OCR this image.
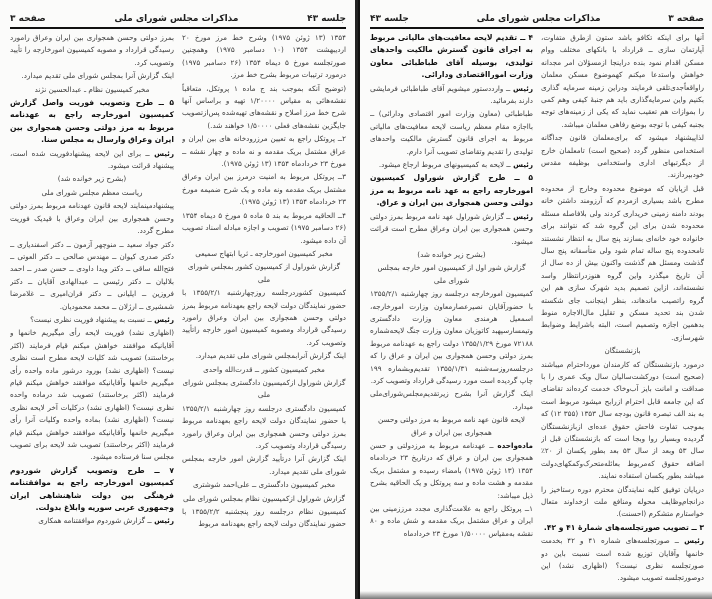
جلسه ۴۳
مذاکرات مجلس شورای ملی
صفحه ۳

۱۳۵۴ (۱۳ ژوئن ۱۹۷۵) وشرح خط مرز مورخ ۲۰ اردیبهشت ۱۳۵۴ (۱۰ دسامبر ۱۹۷۵) وهمچنین صورتجلسه مورخ ۵ دیماه ۱۳۵۴ (۲۶ دسامبر ۱۹۷۵) درمورد ترتیبات مربوط بشرح خط مرز.

(توضیح آنکه بموجب بند ج ماده ۱ پروتکل، متعاقباً نقشه‌هائی به مقیاس ۱/۲۰۰۰۰ تهیه و براساس آنها شرح خط مرز اصلاح و نقشه‌های تهیه‌شده پس‌ازتصویب جایگزین نقشه‌های فعلی ۱/۵۰۰۰۰ خواهند شد.)

۲ــ پروتکل راجع به تعیین مرزرودخانه های بین ایران و عراق مشتمل بریک مقدمه و نه ماده و چهار نقشه ــ مورخ ۲۳ خردادماه ۱۳۵۴ (۱۳ ژوئن ۱۹۷۵).

۳ــ پروتکل مربوط به امنیت درمرز بین ایران وعراق مشتمل بریک مقدمه ونه ماده و یک شرح ضمیمه مورخ ۲۳ خردادماه ۱۳۵۴ (۱۳ ژوئن ۱۹۷۵).

۴ــ الحاقیه مربوط به بند ۵ ماده ۵ مورخ ۵ دیماه ۱۳۵۴ (۲۶ دسامبر ۱۹۷۵) تصویب و اجازه مبادله اسناد تصویب آن داده میشود.

مخبر کمیسیون امورخارجه ـ ثریا ابتهاج سمیعی

گزارش شوراول از کمیسیون کشور بمجلس شورای ملی

کمیسیون کشوردرجلسه روزچهارشنبه ۱۳۵۵/۲/۱ با حضور نمایندگان دولت لایحه راجع بعهدنامه مربوط بمرز دولتی وحسن همجواری بین ایران وعراق رامورد رسیدگی قرارداد ومصوبه کمیسیون امور خارجه راتأیید وتصویب کرد.

اینک گزارش آنرابمجلس شورای ملی تقدیم میدارد.

مخبر کمیسیون کشور ــ قدرت‌الله واحدی

گزارش شوراول ازکمیسیون دادگستری بمجلس شورای ملی

کمیسیون دادگستری درجلسه روز چهارشنبه ۱۳۵۵/۲/۱ با حضور نمایندگان دولت لایحه راجع بعهدنامه مربوط بمرز دولتی وحسن همجواری بین ایران وعراق رامورد رسیدگی قرارداد وتصویب کرد.

اینک گزارش آنرا درتأیید گزارش امور خارجه بمجلس شورای ملی تقدیم میدارد.

مخبر کمیسیون دادگستری ــ علی‌احمد شوشتری

گزارش شوراول ازکمیسیون نظام بمجلس شورای ملی

کمیسیون نظام درجلسه روز پنجشنبه ۱۳۵۵/۲/۲ با حضور نمایندگان دولت لایحه راجع بعهدنامه مربوط

بمرز دولتی وحسن همجواری بین ایران وعراق رامورد رسیدگی قرارداد و مصوبه کمیسیون امورخارجه را تأیید وتصویب کرد.

اینک گزارش آنرا بمجلس شورای ملی تقدیم میدارد.

مخبر کمیسیون نظام ـ عبدالحسین نژند

۵ ــ طرح وتصویب فوریت واصل گزارش کمیسیون امورخارجه راجع به عهدنامه مربوط به مرز دولتی وحسن همجواری بین ایران وعراق وارسال به مجلس سنا.

رئیس ــ برای این لایحه پیشنهادفوریت شده است، پیشنهاد قرائت میشود.

(بشرح زیر خوانده شد)

ریاست معظم مجلس شورای ملی

پیشنهادمینمایند لایحه قانون عهدنامه مربوط بمرز دولتی وحسن همجواری بین ایران وعراق با قیدیک فوریت مطرح گردد.

دکتر جواد سعید ــ منوچهر آزمون ــ دکتر اسفندیاری ــ دکتر صدری کیوان ــ مهندس صالحی ــ دکتر العوتی ــ فتح‌الله ساقی ــ دکتر ویدا داودی ــ حسن صدر ــ احمد بلالیان ــ دکتر رئیسی ــ عبدالهادی آقایان ــ دکتر فروزین ــ ایلیانی ــ دکتر قران‌امیری ــ غلامرضا شمشیری ــ ارژلان ــ محمد محمودیان.

رئیس ــ نسبت به پیشنهاد فوریت نظری نیست؟

(اظهاری نشد) فوریت لایحه رأی میگیریم خانمها و آقایانیکه موافقند خواهش میکنم قیام فرمایند (اکثر برخاستند) تصویب شد کلیات لایحه مطرح است نظری نیست؟ (اظهاری نشد) بورود درشور ماده واحده رأی میگیریم خانمها وآقایانیکه موافقند خواهش میکنم قیام فرمایند (اکثر برخاستند) تصویب شد درماده واحده نظری نیست؟ (اظهاری نشد) درکلیات آخر لایحه نظری نیست؟ (اظهاری نشد) بماده واحده وکلیات آنرا رأی میگیریم خانمها وآقایانیکه موافقند خواهش میکنم قیام فرمایند (اکثر برخاستند) تصویب شد لایحه برای تصویب مجلس سنا فرستاده میشود.

۷ ــ طرح وتصویب گزارش شوردوم کمیسیون امورخارجه راجع به موافقتنامه فرهنگی بین دولت شاهنشاهی ایران وجمهوری عربی سوریه وابلاغ بدولت.

رئیس ــ گزارش شوردوم موافقتنامه همکاری

صفحه ۳
مذاکرات مجلس شورای ملی
جلسه ۴۳

آنها برای اینکه تکافو باشد ستون ازطرق متفاوت، آپارتمان سازی ــ قرارداد با بانکهای مختلف ووام مسکن اقدام نمود بنده دراینجا ازمسؤلان امر مجدانه خواهش واستدعا میکنم کهموضوع مسکن معلمان راواقعاًجدی‌تلقی فرمایند ودراین زمینه سرمایه گذاری بکنیم واین سرمایه‌گذاری باید هم جنبهٔ کیفی وهم کمی را بموازات هم تعقیب نماید که یکی از زمینه‌های توجه بجنبه کیفی با توجه بوضع رفاهی معلمان میباشد.

لذاپیشنهاد میشود که برای‌معلمان قانون جداگانه استخدامی منظور گردد (صحیح است) تامعلمان خارج از دیگرتبهای اداری واستخدامی بوظیفه مقدس خودبپردازند.

قبل ازپایان که موضوع محدوده وخارج از محدوده مطرح باشد بسیاری ازمردم که آرزومند داشتن خانه بودند دامنه زمینی خریداری کردند ولی بلافاصله مسئله محدوده شدن برای این گروه شد که نتوانند برای خانواده خود خانه‌ای بسازند پنج سال به انتظار نشستند تامحدوده پنج ساله تمام شود ولی متأسفانه پنج سال گذشت ومسئل هم گذشت واکنون بیش از ده سال از آن تاریخ میگذرد واین گروه هنوزدرانتظار واسد نشسته‌اند، ازاین تصمیم بدید شهرک سازی هم این گروه راتصیب ماندهاند، بنظر اینجانب جای شکسته شدن بند تحدید مسکن و تقلیل مال‌الاجاره منوط بدهمین اجازه وتصمیم است، البته باشرایط وضوابط شهرسازی.

بازنشستگان

درمورد بازنشستگان که کارمندان موردا‌حترام میباشند (صحیح است) دورکشت‌سالیان سال ویک عمری را با صداقت و امانت بایز آب‌وخاک خدمت کرده‌اند تقاضای که این جامعه قابل احترام ازرابح میشود مربوط است به بند الف تبصره قانون بودجه سال ۱۳۵۳ (۳۵۵ ۱۲) که بموجب تفاوت فاحش حقوق عده‌ای ازبازنشستگان گردیده وبسیار روا وبجا است که بازنشستگان قبل از سال ۵۳ وبعد از سال ۵۳ بعد بطور یکسان از ۲۰٪ اضافه حقوق که‌مربوط بعائله‌متحرک‌وکمکهای‌دولت میباشد بطور یکسان استفاده نمایند.

درپایان توفیق کلیه نمایندگان محترم دوره رستاخیز را درانجام‌وظایف محوله ومنافع ملت ازخداوند متعال خواستارم متشکرم (احسنت).

۳ ــ تصویب صورتجلسه‌های شمارهٔ ۴۱ و ۴۲.

رئیس ــ صورتجلسه‌های شماره ۴۱ و ۴۲ بخدمت خانمها وآقایان توزیع شده است نسبت باین دو صورتجلسه نظری نیست؟ (اظهاری نشد) این دوصورتجلسه تصویب میشود.

۴ ــ تقدیم لایحه معافیت‌های مالیاتی مربوط به اجرای قانون گسترش مالکیت واحدهای تولیدی، بوسیله آقای طباطبائی معاون وزارت امورااقتصادی ودارائی.

رئیس ــ وارددستور میشویم آقای طباطبائی فرمایشی دارند بفرمائید.

طباطبائی (معاون وزارت امور اقتصادی ودارائی) ــ بااجازه مقام معظم ریاست لایحه معافیت‌های مالیاتی مربوط به اجرای قانون گسترش مالکیت واحدهای تولیدی را تقدیم وتقاضای تصویب آنرا دارم.

رئیس ــ لایحه به کمیسیونهای مربوط ارجاع میشود.

۵ ــ طرح گزارش شوراول کمیسیون امورخارجه راجع به عهد نامه مربوط به مرز دولتی وحسن همجواری بین ایران و عراق.

رئیس ــ گزارش شوراول عهد نامه مربوط بمرز دولتی وحسن همجواری بین ایران وعراق مطرح است قرائت میشود.

(بشرح زیر خوانده شد)

گزارش شور اول از کمیسیون امور خارجه بمجلس شورای ملی

کمیسیون امورخارجه درجلسه روز چهارشنبه ۱۳۵۵/۲/۱ با حضورآقایان نصیرعصارمعاون وزارت امورخارجه، اسمعیل هرمندی معاون وزارت دادگستری وتیمسارسپهبد کاتوزیان معاون وزارت جنگ لایحه‌شماره ۷۲۱۸۸ مورخ ۱۳۵۵/۱/۲۹ دولت راجع به عهدنامه مربوط بمرز دولتی وحسن همجواری بین ایران و عراق را که درجلسه‌روزسه‌شنبه ۱۳۵۵/۱/۳۱ تقدیم‌وبشماره ۱۹۹ چاپ گردیده است مورد رسیدگی قرارداد وتصویب کرد.

اینک گزارش آنرا بشرح زیرتقدیم‌مجلس‌شورای‌ملی میدارد.

لایحه قانون عهد نامه مربوط به مرز دولتی وحسن همجواری بین ایران و عراق

ماده‌واحده ــ عهدنامه مربوط به مرزدولتی و حسن همجواری بین ایران و عراق که درتاریخ ۲۳ خردادماه ۱۳۵۴ (۱۳ ژوئن ۱۹۷۵) بامضاء رسیده و مشتمل بریک مقدمه و هشت ماده و سه پروتکل و یک الحاقیه بشرح ذیل میباشد:

۱ــ پروتکل راجع به علامت‌گذاری مجدد مرززمینی بین ایران و عراق مشتمل بریک مقدمه و شش ماده و ۸۰ نقشه به‌مقیاس ۱/۵۰۰۰۰ مورخ ۲۳ خردادماه
